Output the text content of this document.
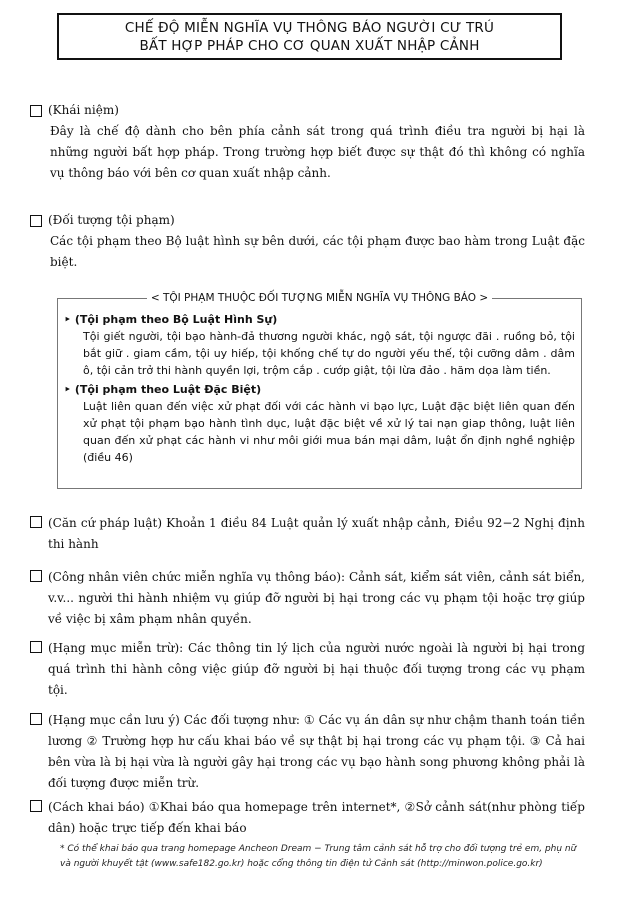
CHẾ ĐỘ MIỄN NGHĨA VỤ THÔNG BÁO NGƯỜI CƯ TRÚ
BẤT HỢP PHÁP CHO CƠ QUAN XUẤT NHẬP CẢNH
(Khái niệm)
Đây là chế độ dành cho bên phía cảnh sát trong quá trình điều tra người bị hại là những người bất hợp pháp. Trong trường hợp biết được sự thật đó thì không có nghĩa vụ thông báo với bên cơ quan xuất nhập cảnh.
(Đối tượng tội phạm)
Các tội phạm theo Bộ luật hình sự bên dưới, các tội phạm được bao hàm trong Luật đặc biệt.
< TỘI PHẠM THUỘC ĐỐI TƯỢNG MIỄN NGHĨA VỤ THÔNG BÁO >
‣ (Tội phạm theo Bộ Luật Hình Sự)
Tội giết người, tội bạo hành-đả thương người khác, ngộ sát, tội ngược đãi . ruồng bỏ, tội bắt giữ . giam cầm, tội uy hiếp, tội khống chế tự do người yếu thế, tội cưỡng dâm . dâm ô, tội cản trở thi hành quyền lợi, trộm cắp . cướp giật, tội lừa đảo . hăm dọa làm tiền.
‣ (Tội phạm theo Luật Đặc Biệt)
Luật liên quan đến việc xử phạt đối với các hành vi bạo lực, Luật đặc biệt liên quan đến xử phạt tội phạm bạo hành tình dục, luật đặc biệt về xử lý tai nạn giap thông, luật liên quan đến xử phạt các hành vi như môi giới mua bán mại dâm, luật ổn định nghề nghiệp (điều 46)
(Căn cứ pháp luật) Khoản 1 điều 84 Luật quản lý xuất nhập cảnh, Điều 92−2 Nghị định thi hành
(Công nhân viên chức miễn nghĩa vụ thông báo): Cảnh sát, kiểm sát viên, cảnh sát biển, v.v... người thi hành nhiệm vụ giúp đỡ người bị hại trong các vụ phạm tội hoặc trợ giúp về việc bị xâm phạm nhân quyền.
(Hạng mục miễn trừ): Các thông tin lý lịch của người nước ngoài là người bị hại trong quá trình thi hành công việc giúp đỡ người bị hại thuộc đối tượng trong các vụ phạm tội.
(Hạng mục cần lưu ý) Các đối tượng như: ① Các vụ án dân sự như chậm thanh toán tiền lương ② Trường hợp hư cấu khai báo về sự thật bị hại trong các vụ phạm tội. ③ Cả hai bên vừa là bị hại vừa là người gây hại trong các vụ bạo hành song phương không phải là đối tượng được miễn trừ.
(Cách khai báo) ①Khai báo qua homepage trên internet*, ②Sở cảnh sát(như phòng tiếp dân) hoặc trực tiếp đến khai báo
* Có thể khai báo qua trang homepage Ancheon Dream − Trung tâm cảnh sát hỗ trợ cho đối tượng trẻ em, phụ nữ và người khuyết tật (www.safe182.go.kr) hoặc cổng thông tin điện tử Cảnh sát (http://minwon.police.go.kr)
